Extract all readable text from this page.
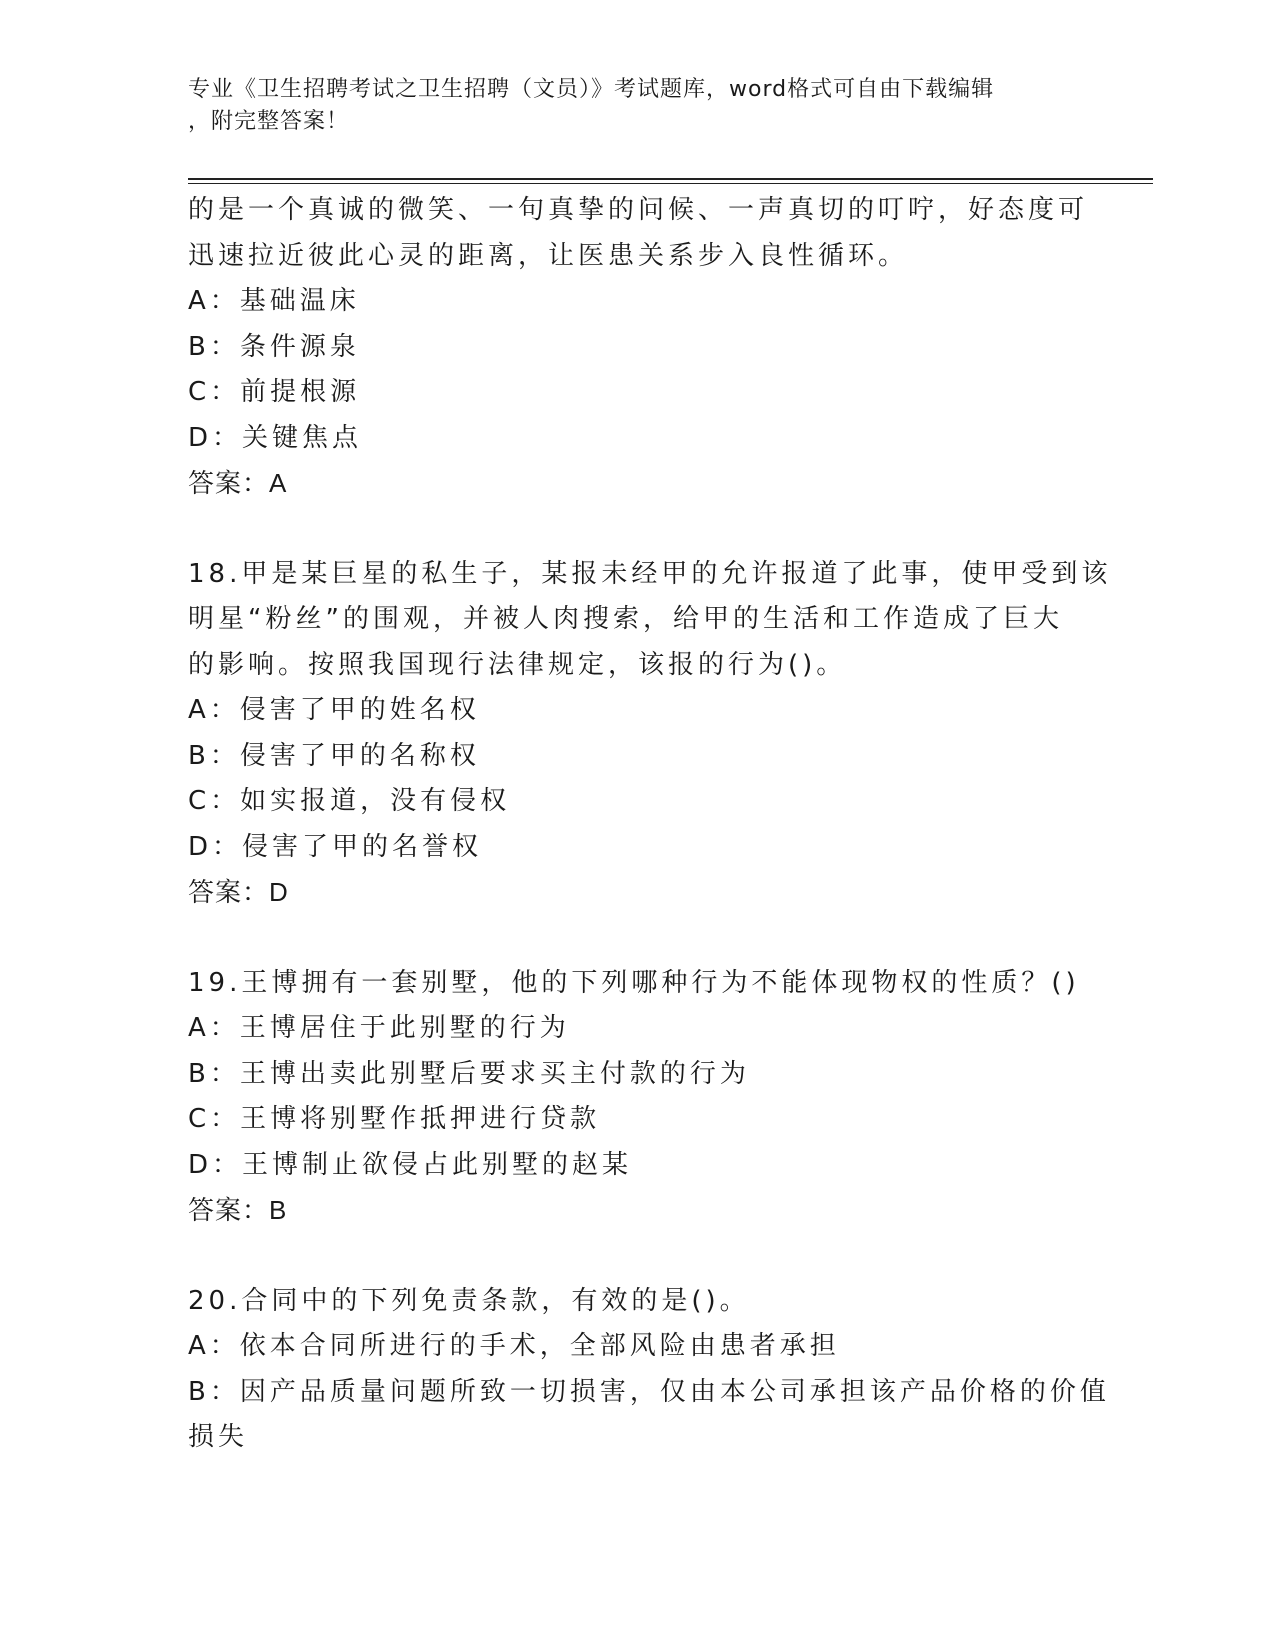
专业《卫生招聘考试之卫生招聘（文员）》考试题库，word格式可自由下载编辑
，附完整答案！
的是一个真诚的微笑、一句真挚的问候、一声真切的叮咛，好态度可
迅速拉近彼此心灵的距离，让医患关系步入良性循环。
A：基础温床
B：条件源泉
C：前提根源
D：关键焦点
答案：A
18.甲是某巨星的私生子，某报未经甲的允许报道了此事，使甲受到该
明星“粉丝”的围观，并被人肉搜索，给甲的生活和工作造成了巨大
的影响。按照我国现行法律规定，该报的行为()。
A：侵害了甲的姓名权
B：侵害了甲的名称权
C：如实报道，没有侵权
D：侵害了甲的名誉权
答案：D
19.王博拥有一套别墅，他的下列哪种行为不能体现物权的性质？()
A：王博居住于此别墅的行为
B：王博出卖此别墅后要求买主付款的行为
C：王博将别墅作抵押进行贷款
D：王博制止欲侵占此别墅的赵某
答案：B
20.合同中的下列免责条款，有效的是()。
A：依本合同所进行的手术，全部风险由患者承担
B：因产品质量问题所致一切损害，仅由本公司承担该产品价格的价值
损失
